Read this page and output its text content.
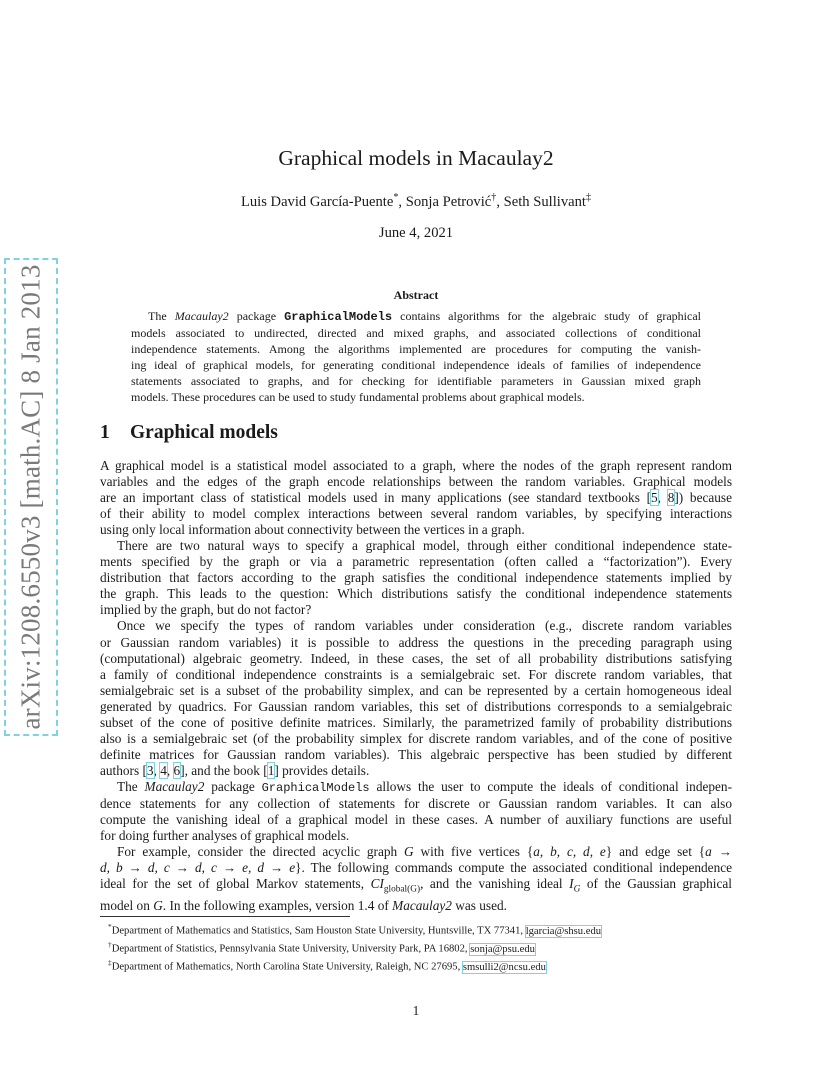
arXiv:1208.6550v3 [math.AC] 8 Jan 2013
Graphical models in Macaulay2
Luis David García-Puente*, Sonja Petrović†, Seth Sullivant‡
June 4, 2021
Abstract
The Macaulay2 package GraphicalModels contains algorithms for the algebraic study of graphical
models associated to undirected, directed and mixed graphs, and associated collections of conditional
independence statements. Among the algorithms implemented are procedures for computing the vanish-
ing ideal of graphical models, for generating conditional independence ideals of families of independence
statements associated to graphs, and for checking for identifiable parameters in Gaussian mixed graph
models. These procedures can be used to study fundamental problems about graphical models.
1 Graphical models
A graphical model is a statistical model associated to a graph, where the nodes of the graph represent random
variables and the edges of the graph encode relationships between the random variables. Graphical models
are an important class of statistical models used in many applications (see standard textbooks [5, 8]) because
of their ability to model complex interactions between several random variables, by specifying interactions
using only local information about connectivity between the vertices in a graph.
There are two natural ways to specify a graphical model, through either conditional independence state-
ments specified by the graph or via a parametric representation (often called a “factorization”). Every
distribution that factors according to the graph satisfies the conditional independence statements implied by
the graph. This leads to the question: Which distributions satisfy the conditional independence statements
implied by the graph, but do not factor?
Once we specify the types of random variables under consideration (e.g., discrete random variables
or Gaussian random variables) it is possible to address the questions in the preceding paragraph using
(computational) algebraic geometry. Indeed, in these cases, the set of all probability distributions satisfying
a family of conditional independence constraints is a semialgebraic set. For discrete random variables, that
semialgebraic set is a subset of the probability simplex, and can be represented by a certain homogeneous ideal
generated by quadrics. For Gaussian random variables, this set of distributions corresponds to a semialgebraic
subset of the cone of positive definite matrices. Similarly, the parametrized family of probability distributions
also is a semialgebraic set (of the probability simplex for discrete random variables, and of the cone of positive
definite matrices for Gaussian random variables). This algebraic perspective has been studied by different
authors [3, 4, 6], and the book [1] provides details.
The Macaulay2 package GraphicalModels allows the user to compute the ideals of conditional indepen-
dence statements for any collection of statements for discrete or Gaussian random variables. It can also
compute the vanishing ideal of a graphical model in these cases. A number of auxiliary functions are useful
for doing further analyses of graphical models.
For example, consider the directed acyclic graph G with five vertices {a, b, c, d, e} and edge set {a →
d, b → d, c → d, c → e, d → e}. The following commands compute the associated conditional independence
ideal for the set of global Markov statements, $CI_{global(G)}$, and the vanishing ideal $I_G$ of the Gaussian graphical
model on G. In the following examples, version 1.4 of Macaulay2 was used.
*Department of Mathematics and Statistics, Sam Houston State University, Huntsville, TX 77341, lgarcia@shsu.edu
†Department of Statistics, Pennsylvania State University, University Park, PA 16802, sonja@psu.edu
‡Department of Mathematics, North Carolina State University, Raleigh, NC 27695, smsulli2@ncsu.edu
1
